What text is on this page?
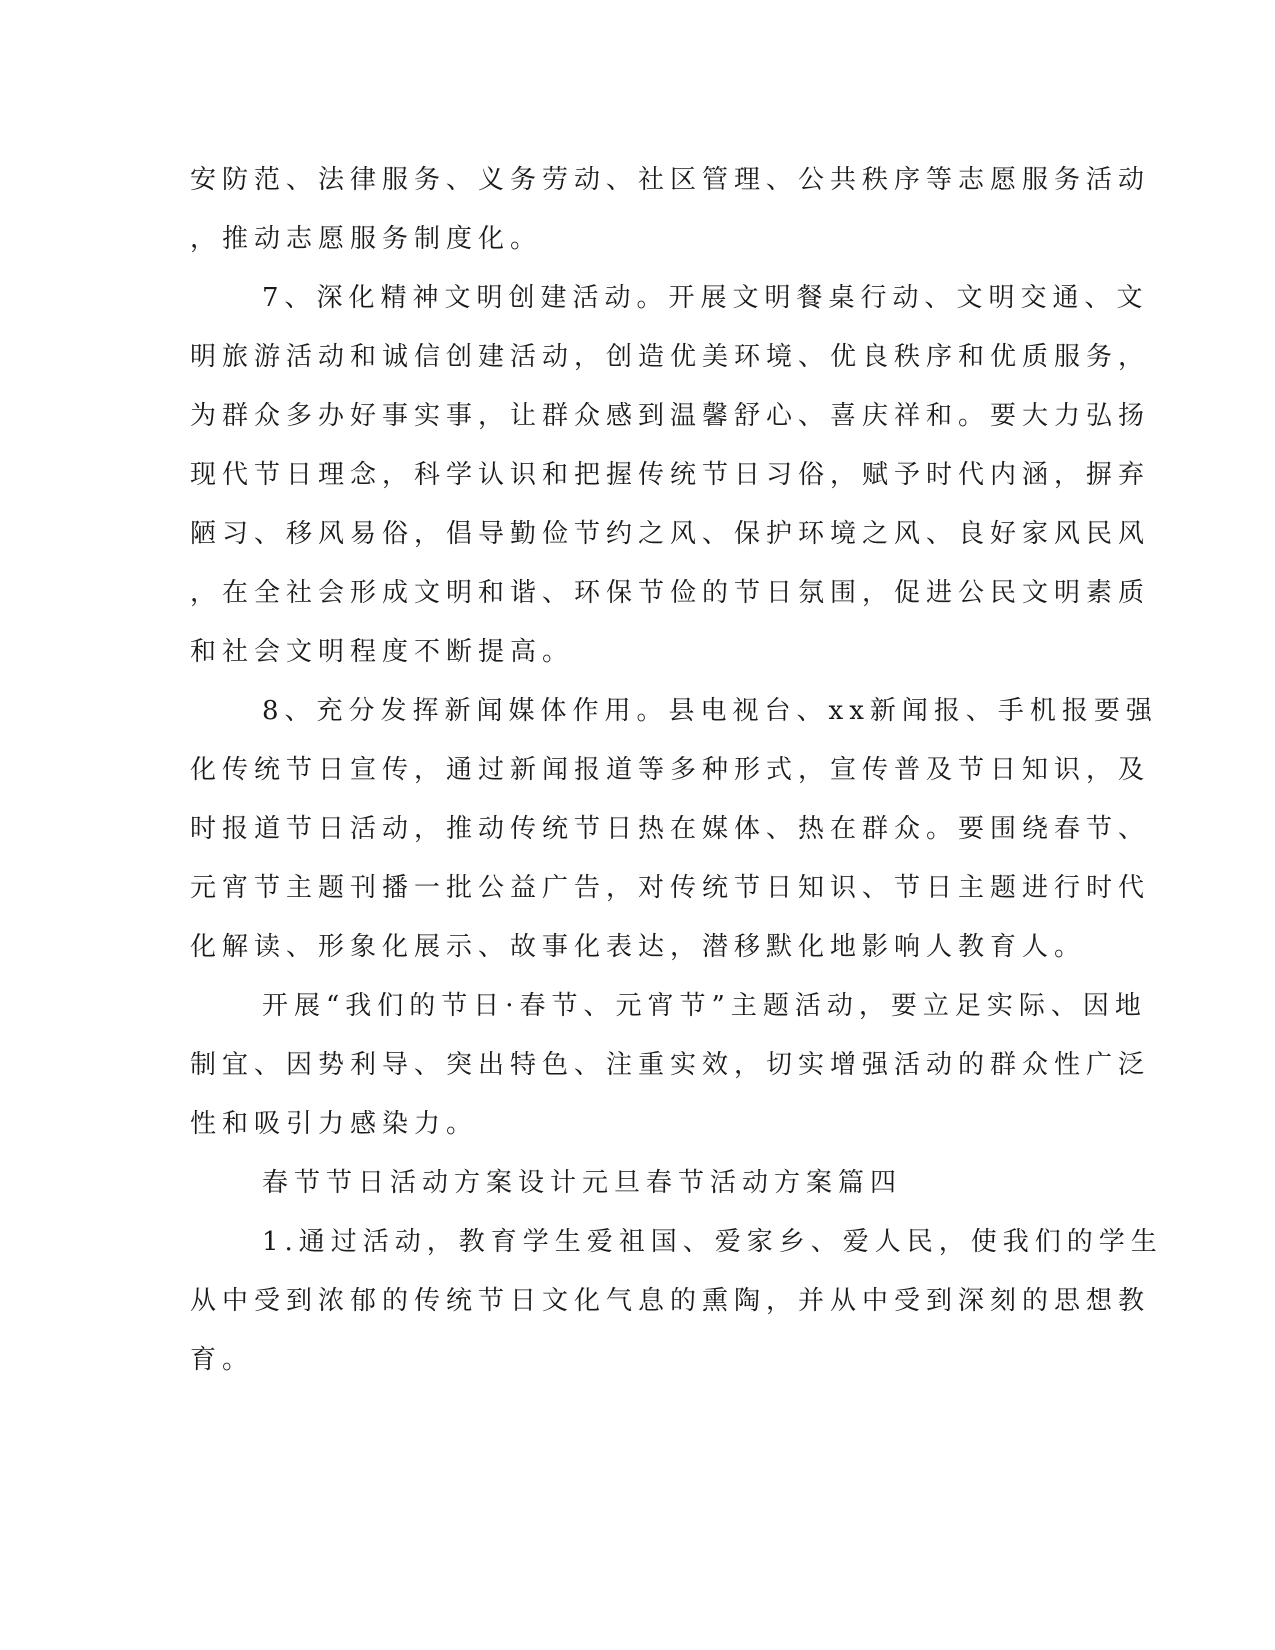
安防范、法律服务、义务劳动、社区管理、公共秩序等志愿服务活动
，推动志愿服务制度化。
7、深化精神文明创建活动。开展文明餐桌行动、文明交通、文
明旅游活动和诚信创建活动，创造优美环境、优良秩序和优质服务，
为群众多办好事实事，让群众感到温馨舒心、喜庆祥和。要大力弘扬
现代节日理念，科学认识和把握传统节日习俗，赋予时代内涵，摒弃
陋习、移风易俗，倡导勤俭节约之风、保护环境之风、良好家风民风
，在全社会形成文明和谐、环保节俭的节日氛围，促进公民文明素质
和社会文明程度不断提高。
8、充分发挥新闻媒体作用。县电视台、xx新闻报、手机报要强
化传统节日宣传，通过新闻报道等多种形式，宣传普及节日知识，及
时报道节日活动，推动传统节日热在媒体、热在群众。要围绕春节、
元宵节主题刊播一批公益广告，对传统节日知识、节日主题进行时代
化解读、形象化展示、故事化表达，潜移默化地影响人教育人。
开展“我们的节日·春节、元宵节”主题活动，要立足实际、因地
制宜、因势利导、突出特色、注重实效，切实增强活动的群众性广泛
性和吸引力感染力。
春节节日活动方案设计元旦春节活动方案篇四
1.通过活动，教育学生爱祖国、爱家乡、爱人民，使我们的学生
从中受到浓郁的传统节日文化气息的熏陶，并从中受到深刻的思想教
育。
